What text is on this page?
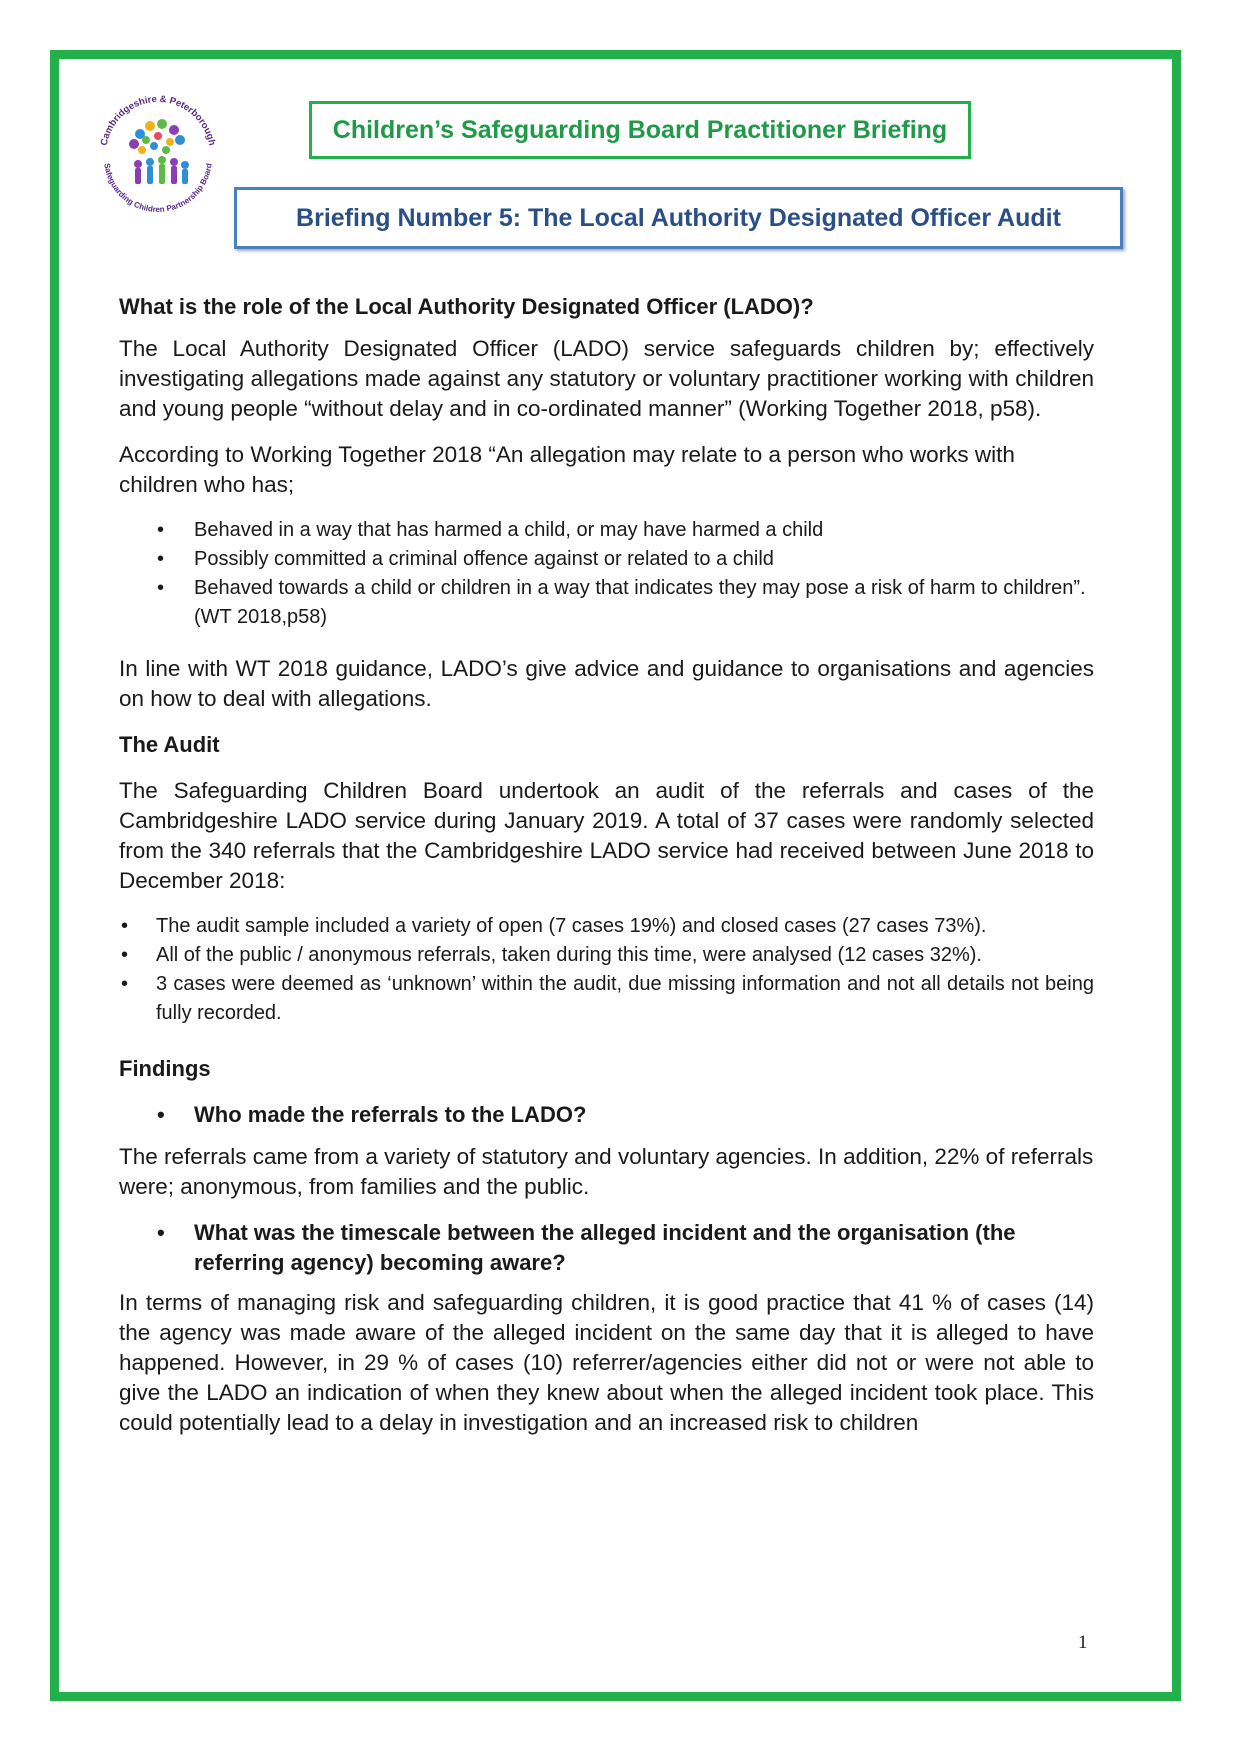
Cambridgeshire & Peterborough
Safeguarding Children Partnership Board
Children’s Safeguarding Board Practitioner Briefing
Briefing Number 5: The Local Authority Designated Officer Audit
What is the role of the Local Authority Designated Officer (LADO)?

The Local Authority Designated Officer (LADO) service safeguards children by; effectively investigating allegations made against any statutory or voluntary practitioner working with children and young people “without delay and in co-ordinated manner” (Working Together 2018, p58).

According to Working Together 2018 “An allegation may relate to a person who works with children who has;

• Behaved in a way that has harmed a child, or may have harmed a child
• Possibly committed a criminal offence against or related to a child
• Behaved towards a child or children in a way that indicates they may pose a risk of harm to children”. (WT 2018,p58)

In line with WT 2018 guidance, LADO’s give advice and guidance to organisations and agencies on how to deal with allegations.

The Audit

The Safeguarding Children Board undertook an audit of the referrals and cases of the Cambridgeshire LADO service during January 2019. A total of 37 cases were randomly selected from the 340 referrals that the Cambridgeshire LADO service had received between June 2018 to December 2018:

• The audit sample included a variety of open (7 cases 19%) and closed cases (27 cases 73%).
• All of the public / anonymous referrals, taken during this time, were analysed (12 cases 32%).
• 3 cases were deemed as ‘unknown’ within the audit, due missing information and not all details not being fully recorded.
Findings
• Who made the referrals to the LADO?

The referrals came from a variety of statutory and voluntary agencies. In addition, 22% of referrals were; anonymous, from families and the public.

• What was the timescale between the alleged incident and the organisation (the referring agency) becoming aware?

In terms of managing risk and safeguarding children, it is good practice that 41 % of cases (14) the agency was made aware of the alleged incident on the same day that it is alleged to have happened. However, in 29 % of cases (10) referrer/agencies either did not or were not able to give the LADO an indication of when they knew about when the alleged incident took place. This could potentially lead to a delay in investigation and an increased risk to children

1
